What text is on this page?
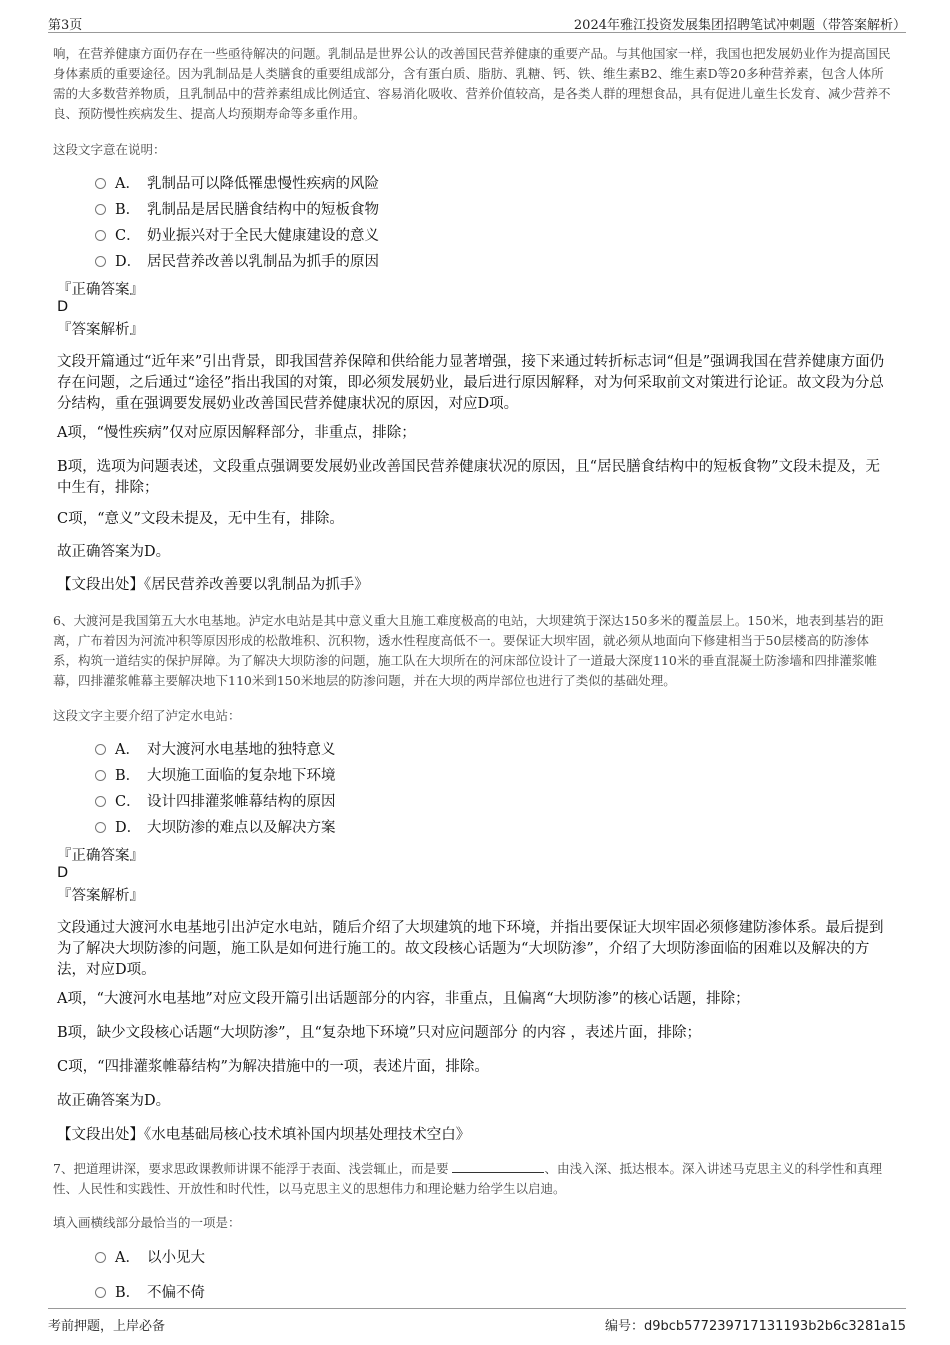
第3页	2024年雅江投资发展集团招聘笔试冲刺题（带答案解析）
响，在营养健康方面仍存在一些亟待解决的问题。乳制品是世界公认的改善国民营养健康的重要产品。与其他国家一样，我国也把发展奶业作为提高国民身体素质的重要途径。因为乳制品是人类膳食的重要组成部分，含有蛋白质、脂肪、乳糖、钙、铁、维生素B2、维生素D等20多种营养素，包含人体所需的大多数营养物质，且乳制品中的营养素组成比例适宜、容易消化吸收、营养价值较高，是各类人群的理想食品，具有促进儿童生长发育、减少营养不良、预防慢性疾病发生、提高人均预期寿命等多重作用。
这段文字意在说明：
A． 乳制品可以降低罹患慢性疾病的风险
B． 乳制品是居民膳食结构中的短板食物
C． 奶业振兴对于全民大健康建设的意义
D． 居民营养改善以乳制品为抓手的原因
『正确答案』
D
『答案解析』
文段开篇通过“近年来”引出背景，即我国营养保障和供给能力显著增强，接下来通过转折标志词“但是”强调我国在营养健康方面仍存在问题，之后通过“途径”指出我国的对策，即必须发展奶业，最后进行原因解释，对为何采取前文对策进行论证。故文段为分总分结构，重在强调要发展奶业改善国民营养健康状况的原因，对应D项。
A项，“慢性疾病”仅对应原因解释部分，非重点，排除；
B项，选项为问题表述，文段重点强调要发展奶业改善国民营养健康状况的原因，且“居民膳食结构中的短板食物”文段未提及，无中生有，排除；
C项，“意义”文段未提及，无中生有，排除。
故正确答案为D。
【文段出处】《居民营养改善要以乳制品为抓手》
6、大渡河是我国第五大水电基地。泸定水电站是其中意义重大且施工难度极高的电站，大坝建筑于深达150多米的覆盖层上。150米，地表到基岩的距离，广布着因为河流冲积等原因形成的松散堆积、沉积物，透水性程度高低不一。要保证大坝牢固，就必须从地面向下修建相当于50层楼高的防渗体系，构筑一道结实的保护屏障。为了解决大坝防渗的问题，施工队在大坝所在的河床部位设计了一道最大深度110米的垂直混凝土防渗墙和四排灌浆帷幕，四排灌浆帷幕主要解决地下110米到150米地层的防渗问题，并在大坝的两岸部位也进行了类似的基础处理。
这段文字主要介绍了泸定水电站：
A． 对大渡河水电基地的独特意义
B． 大坝施工面临的复杂地下环境
C． 设计四排灌浆帷幕结构的原因
D． 大坝防渗的难点以及解决方案
『正确答案』
D
『答案解析』
文段通过大渡河水电基地引出泸定水电站，随后介绍了大坝建筑的地下环境，并指出要保证大坝牢固必须修建防渗体系。最后提到为了解决大坝防渗的问题，施工队是如何进行施工的。故文段核心话题为“大坝防渗”，介绍了大坝防渗面临的困难以及解决的方法，对应D项。
A项，“大渡河水电基地”对应文段开篇引出话题部分的内容，非重点，且偏离“大坝防渗”的核心话题，排除；
B项，缺少文段核心话题“大坝防渗”，且“复杂地下环境”只对应问题部分 的内容 ，表述片面，排除；
C项，“四排灌浆帷幕结构”为解决措施中的一项，表述片面，排除。
故正确答案为D。
【文段出处】《水电基础局核心技术填补国内坝基处理技术空白》
7、把道理讲深，要求思政课教师讲课不能浮于表面、浅尝辄止，而是要	、由浅入深、抵达根本。深入讲述马克思主义的科学性和真理性、人民性和实践性、开放性和时代性，以马克思主义的思想伟力和理论魅力给学生以启迪。
填入画横线部分最恰当的一项是：
A． 以小见大
B． 不偏不倚
考前押题，上岸必备	编号：d9bcb577239717131193b2b6c3281a15
